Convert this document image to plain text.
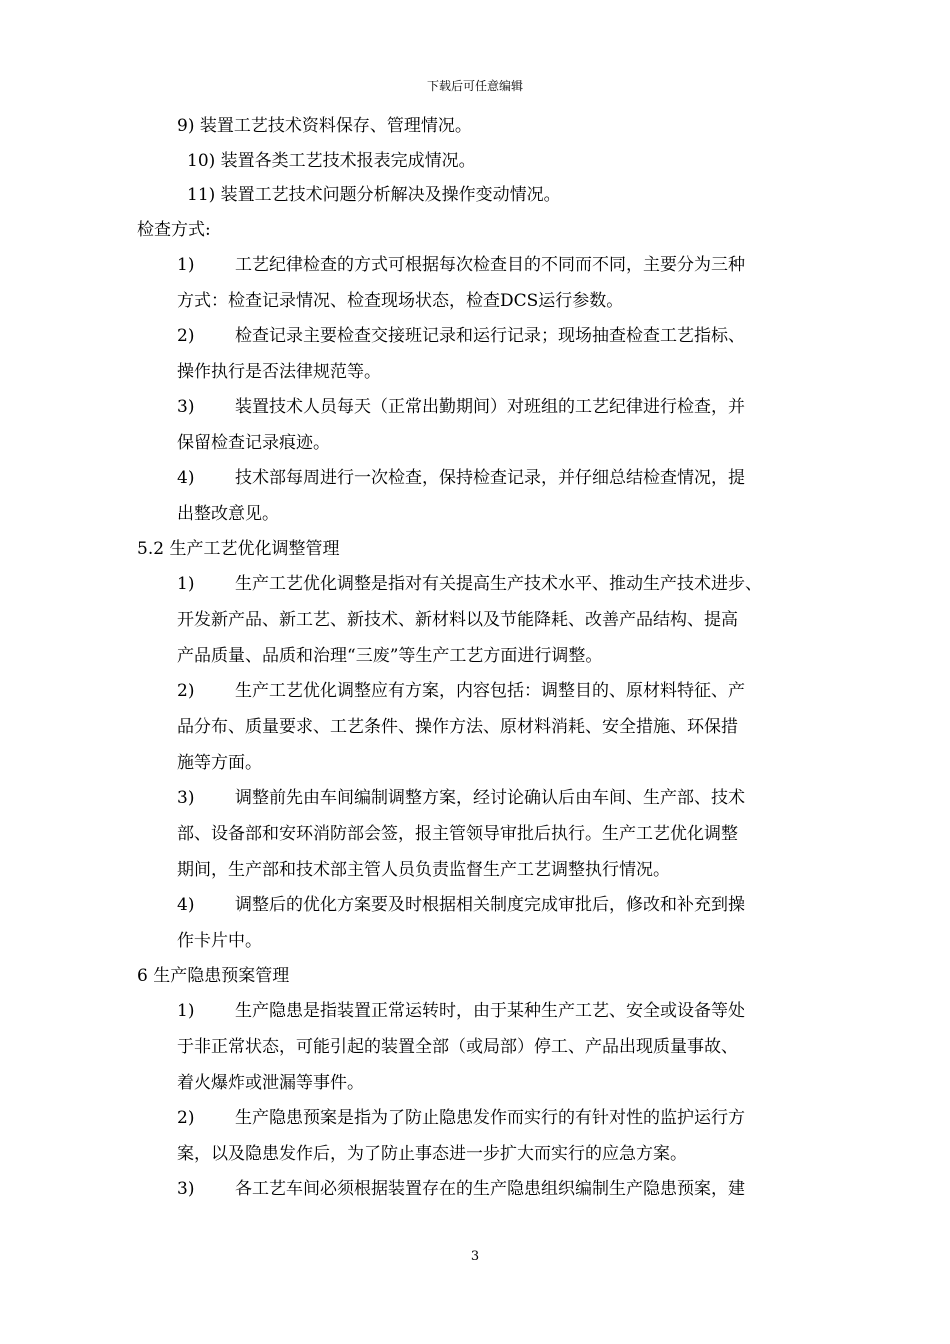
下载后可任意编辑
9) 装置工艺技术资料保存、管理情况。
10) 装置各类工艺技术报表完成情况。
11) 装置工艺技术问题分析解决及操作变动情况。
检查方式:
1) 工艺纪律检查的方式可根据每次检查目的不同而不同，主要分为三种
方式：检查记录情况、检查现场状态，检查DCS运行参数。
2) 检查记录主要检查交接班记录和运行记录；现场抽查检查工艺指标、
操作执行是否法律规范等。
3) 装置技术人员每天（正常出勤期间）对班组的工艺纪律进行检查，并
保留检查记录痕迹。
4) 技术部每周进行一次检查，保持检查记录，并仔细总结检查情况，提
出整改意见。
5.2 生产工艺优化调整管理
1) 生产工艺优化调整是指对有关提高生产技术水平、推动生产技术进步、
开发新产品、新工艺、新技术、新材料以及节能降耗、改善产品结构、提高
产品质量、品质和治理“三废”等生产工艺方面进行调整。
2) 生产工艺优化调整应有方案，内容包括：调整目的、原材料特征、产
品分布、质量要求、工艺条件、操作方法、原材料消耗、安全措施、环保措
施等方面。
3) 调整前先由车间编制调整方案，经讨论确认后由车间、生产部、技术
部、设备部和安环消防部会签，报主管领导审批后执行。生产工艺优化调整
期间，生产部和技术部主管人员负责监督生产工艺调整执行情况。
4) 调整后的优化方案要及时根据相关制度完成审批后，修改和补充到操
作卡片中。
6 生产隐患预案管理
1) 生产隐患是指装置正常运转时，由于某种生产工艺、安全或设备等处
于非正常状态，可能引起的装置全部（或局部）停工、产品出现质量事故、
着火爆炸或泄漏等事件。
2) 生产隐患预案是指为了防止隐患发作而实行的有针对性的监护运行方
案，以及隐患发作后，为了防止事态进一步扩大而实行的应急方案。
3) 各工艺车间必须根据装置存在的生产隐患组织编制生产隐患预案，建
3
